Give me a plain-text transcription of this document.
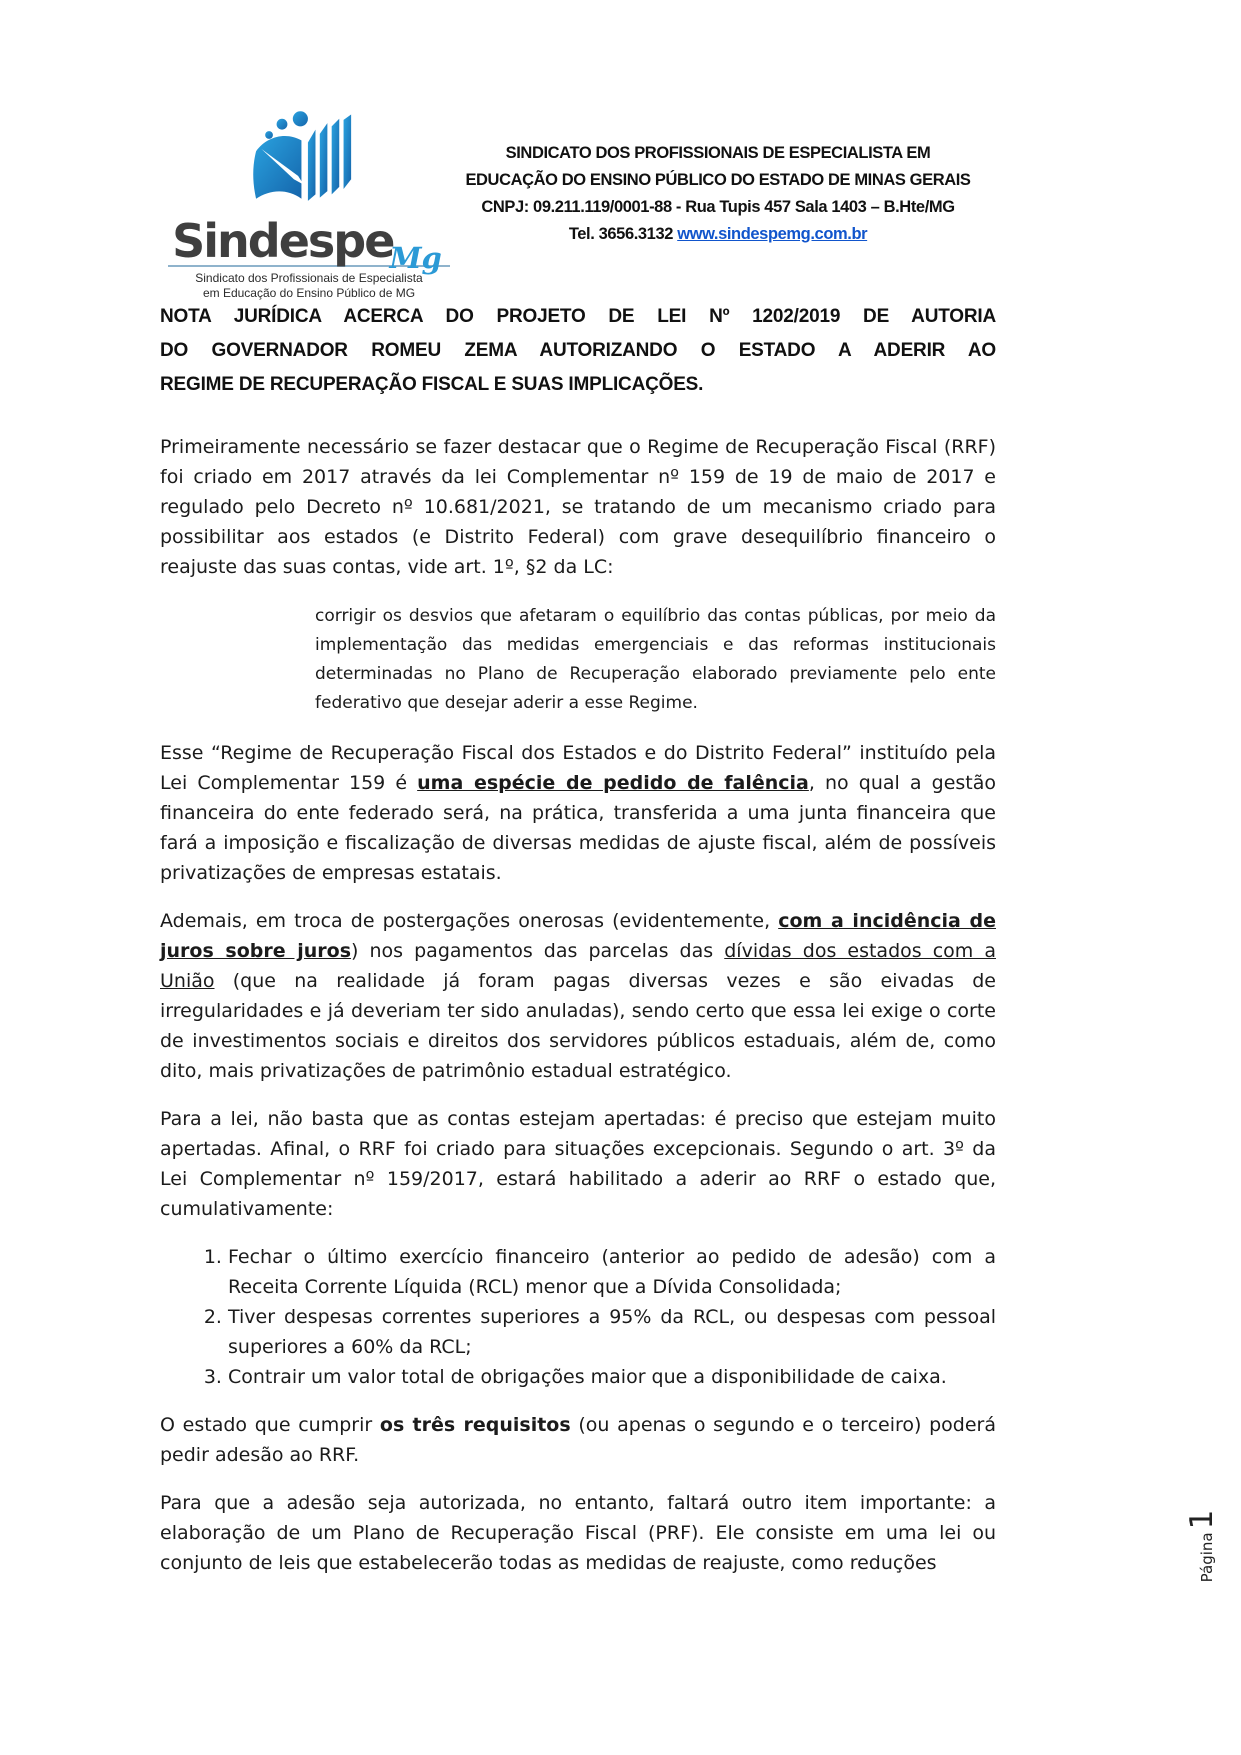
SindespeMg
Sindicato dos Profissionais de Especialista
em Educação do Ensino Público de MG
SINDICATO DOS PROFISSIONAIS DE ESPECIALISTA EM
EDUCAÇÃO DO ENSINO PÚBLICO DO ESTADO DE MINAS GERAIS
CNPJ: 09.211.119/0001-88 - Rua Tupis 457 Sala 1403 – B.Hte/MG
Tel. 3656.3132 www.sindespemg.com.br
NOTA JURÍDICA ACERCA DO PROJETO DE LEI Nº 1202/2019 DE AUTORIA
DO GOVERNADOR ROMEU ZEMA AUTORIZANDO O ESTADO A ADERIR AO
REGIME DE RECUPERAÇÃO FISCAL E SUAS IMPLICAÇÕES.

Primeiramente necessário se fazer destacar que o Regime de Recuperação Fiscal (RRF) foi criado em 2017 através da lei Complementar nº 159 de 19 de maio de 2017 e regulado pelo Decreto nº 10.681/2021, se tratando de um mecanismo criado para possibilitar aos estados (e Distrito Federal) com grave desequilíbrio financeiro o reajuste das suas contas, vide art. 1º, §2 da LC:

corrigir os desvios que afetaram o equilíbrio das contas públicas, por meio da implementação das medidas emergenciais e das reformas institucionais determinadas no Plano de Recuperação elaborado previamente pelo ente federativo que desejar aderir a esse Regime.

Esse “Regime de Recuperação Fiscal dos Estados e do Distrito Federal” instituído pela Lei Complementar 159 é uma espécie de pedido de falência, no qual a gestão financeira do ente federado será, na prática, transferida a uma junta financeira que fará a imposição e fiscalização de diversas medidas de ajuste fiscal, além de possíveis privatizações de empresas estatais.

Ademais, em troca de postergações onerosas (evidentemente, com a incidência de juros sobre juros) nos pagamentos das parcelas das dívidas dos estados com a União (que na realidade já foram pagas diversas vezes e são eivadas de irregularidades e já deveriam ter sido anuladas), sendo certo que essa lei exige o corte de investimentos sociais e direitos dos servidores públicos estaduais, além de, como dito, mais privatizações de patrimônio estadual estratégico.

Para a lei, não basta que as contas estejam apertadas: é preciso que estejam muito apertadas. Afinal, o RRF foi criado para situações excepcionais. Segundo o art. 3º da Lei Complementar nº 159/2017, estará habilitado a aderir ao RRF o estado que, cumulativamente:

1. Fechar o último exercício financeiro (anterior ao pedido de adesão) com a Receita Corrente Líquida (RCL) menor que a Dívida Consolidada;
2. Tiver despesas correntes superiores a 95% da RCL, ou despesas com pessoal superiores a 60% da RCL;
3. Contrair um valor total de obrigações maior que a disponibilidade de caixa.

O estado que cumprir os três requisitos (ou apenas o segundo e o terceiro) poderá pedir adesão ao RRF.

Para que a adesão seja autorizada, no entanto, faltará outro item importante: a elaboração de um Plano de Recuperação Fiscal (PRF). Ele consiste em uma lei ou conjunto de leis que estabelecerão todas as medidas de reajuste, como reduções	Página
1
